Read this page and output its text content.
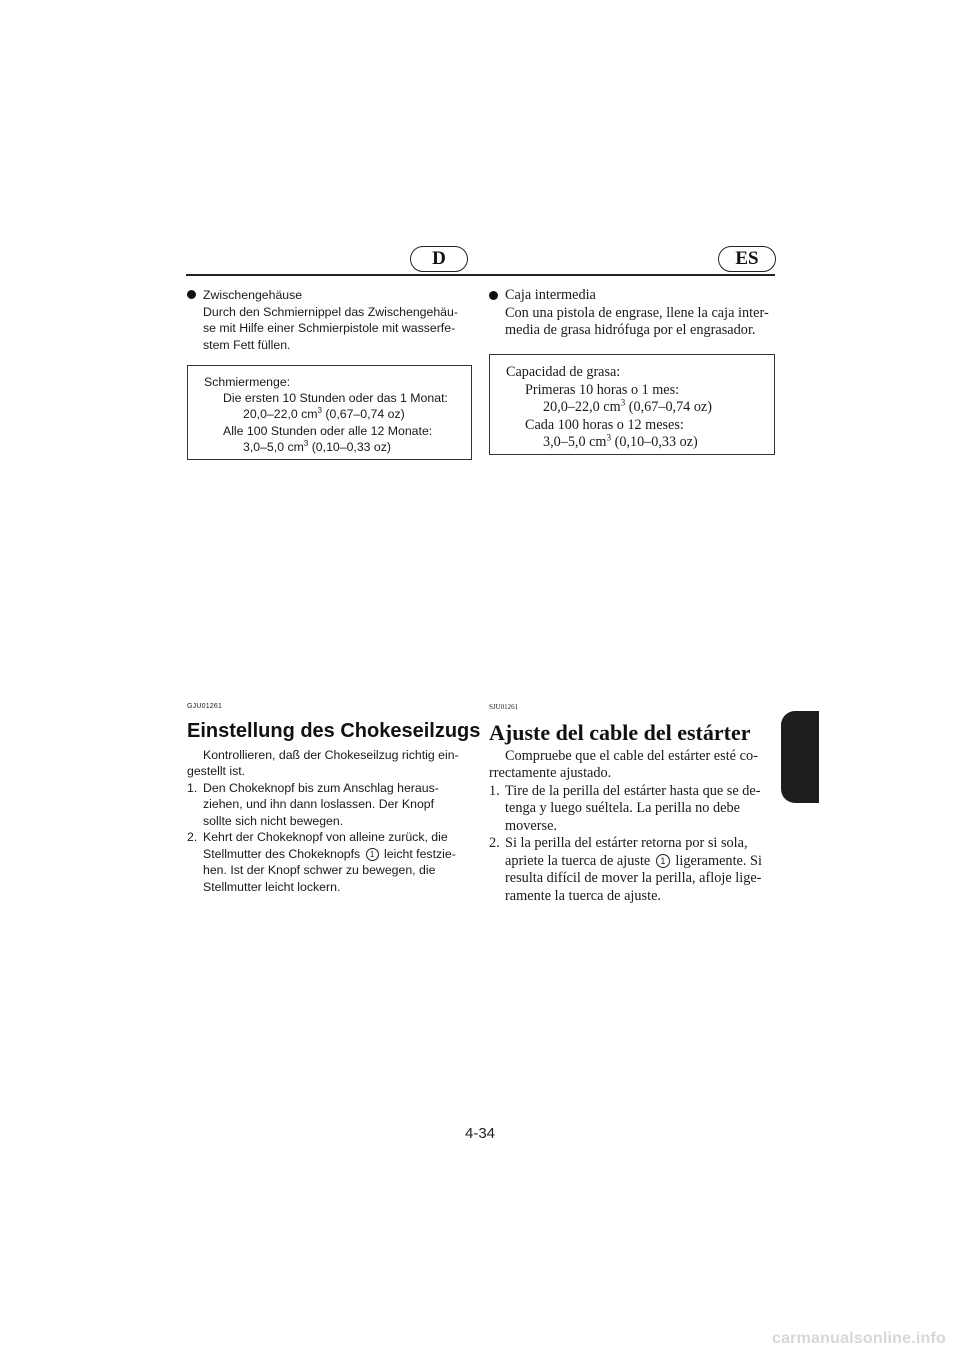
D	ES
Zwischengehäuse
Durch den Schmiernippel das Zwischengehäu-
se mit Hilfe einer Schmierpistole mit wasserfe-
stem Fett füllen.
Caja intermedia
Con una pistola de engrase, llene la caja inter-
media de grasa hidrófuga por el engrasador.
Schmiermenge:
Die ersten 10 Stunden oder das 1 Monat:
20,0–22,0 $cm^3$ (0,67–0,74 oz)
Alle 100 Stunden oder alle 12 Monate:
3,0–5,0 $cm^3$ (0,10–0,33 oz)
Capacidad de grasa:
Primeras 10 horas o 1 mes:
20,0–22,0 $cm^3$ (0,67–0,74 oz)
Cada 100 horas o 12 meses:
3,0–5,0 $cm^3$ (0,10–0,33 oz)
GJU01261
Einstellung des Chokeseilzugs
Kontrollieren, daß der Chokeseilzug richtig ein-
gestellt ist.
1. Den Chokeknopf bis zum Anschlag heraus-
ziehen, und ihn dann loslassen. Der Knopf
sollte sich nicht bewegen.
2. Kehrt der Chokeknopf von alleine zurück, die
Stellmutter des Chokeknopfs 1 leicht festzie-
hen. Ist der Knopf schwer zu bewegen, die
Stellmutter leicht lockern.
SJU01261
Ajuste del cable del estárter
Compruebe que el cable del estárter esté co-
rrectamente ajustado.
1. Tire de la perilla del estárter hasta que se de-
tenga y luego suéltela. La perilla no debe
moverse.
2. Si la perilla del estárter retorna por si sola,
apriete la tuerca de ajuste 1 ligeramente. Si
resulta difícil de mover la perilla, afloje lige-
ramente la tuerca de ajuste.
4-34
carmanualsonline.info
